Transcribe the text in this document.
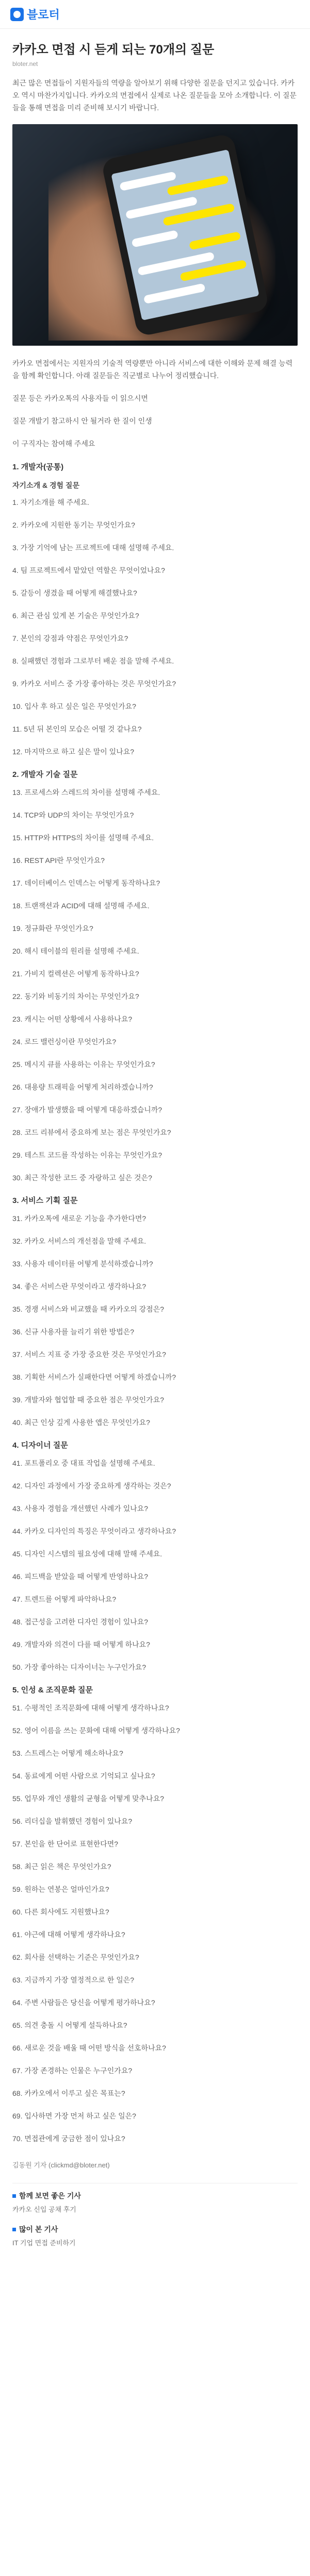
블로터
카카오 면접 시 듣게 되는 70개의 질문
bloter.net

최근 많은 면접들이 지원자들의 역량을 알아보기 위해 다양한 질문을 던지고 있습니다. 카카오 역시 마찬가지입니다. 카카오의 면접에서 실제로 나온 질문들을 모아 소개합니다. 이 질문들을 통해 면접을 미리 준비해 보시기 바랍니다.

카카오 면접에서는 지원자의 기술적 역량뿐만 아니라 서비스에 대한 이해와 문제 해결 능력을 함께 확인합니다. 아래 질문들은 직군별로 나누어 정리했습니다.

질문 등은 카카오톡의 사용자들 이 읽으시면

질문 개발기 참고하시 안 될거라 한 질이 인생

이 구직자는 참여해 주세요

1. 개발자(공통)
자기소개 & 경험 질문

1. 자기소개를 해 주세요.

2. 카카오에 지원한 동기는 무엇인가요?

3. 가장 기억에 남는 프로젝트에 대해 설명해 주세요.

4. 팀 프로젝트에서 맡았던 역할은 무엇이었나요?

5. 갈등이 생겼을 때 어떻게 해결했나요?

6. 최근 관심 있게 본 기술은 무엇인가요?

7. 본인의 강점과 약점은 무엇인가요?

8. 실패했던 경험과 그로부터 배운 점을 말해 주세요.

9. 카카오 서비스 중 가장 좋아하는 것은 무엇인가요?

10. 입사 후 하고 싶은 일은 무엇인가요?

11. 5년 뒤 본인의 모습은 어떨 것 같나요?

12. 마지막으로 하고 싶은 말이 있나요?

2. 개발자 기술 질문

13. 프로세스와 스레드의 차이를 설명해 주세요.

14. TCP와 UDP의 차이는 무엇인가요?

15. HTTP와 HTTPS의 차이를 설명해 주세요.

16. REST API란 무엇인가요?

17. 데이터베이스 인덱스는 어떻게 동작하나요?

18. 트랜잭션과 ACID에 대해 설명해 주세요.

19. 정규화란 무엇인가요?

20. 해시 테이블의 원리를 설명해 주세요.

21. 가비지 컬렉션은 어떻게 동작하나요?

22. 동기와 비동기의 차이는 무엇인가요?

23. 캐시는 어떤 상황에서 사용하나요?

24. 로드 밸런싱이란 무엇인가요?

25. 메시지 큐를 사용하는 이유는 무엇인가요?

26. 대용량 트래픽을 어떻게 처리하겠습니까?

27. 장애가 발생했을 때 어떻게 대응하겠습니까?

28. 코드 리뷰에서 중요하게 보는 점은 무엇인가요?

29. 테스트 코드를 작성하는 이유는 무엇인가요?

30. 최근 작성한 코드 중 자랑하고 싶은 것은?

3. 서비스 기획 질문

31. 카카오톡에 새로운 기능을 추가한다면?

32. 카카오 서비스의 개선점을 말해 주세요.

33. 사용자 데이터를 어떻게 분석하겠습니까?

34. 좋은 서비스란 무엇이라고 생각하나요?

35. 경쟁 서비스와 비교했을 때 카카오의 강점은?

36. 신규 사용자를 늘리기 위한 방법은?

37. 서비스 지표 중 가장 중요한 것은 무엇인가요?

38. 기획한 서비스가 실패한다면 어떻게 하겠습니까?

39. 개발자와 협업할 때 중요한 점은 무엇인가요?

40. 최근 인상 깊게 사용한 앱은 무엇인가요?

4. 디자이너 질문

41. 포트폴리오 중 대표 작업을 설명해 주세요.

42. 디자인 과정에서 가장 중요하게 생각하는 것은?

43. 사용자 경험을 개선했던 사례가 있나요?

44. 카카오 디자인의 특징은 무엇이라고 생각하나요?

45. 디자인 시스템의 필요성에 대해 말해 주세요.

46. 피드백을 받았을 때 어떻게 반영하나요?

47. 트렌드를 어떻게 파악하나요?

48. 접근성을 고려한 디자인 경험이 있나요?

49. 개발자와 의견이 다를 때 어떻게 하나요?

50. 가장 좋아하는 디자이너는 누구인가요?

5. 인성 & 조직문화 질문

51. 수평적인 조직문화에 대해 어떻게 생각하나요?

52. 영어 이름을 쓰는 문화에 대해 어떻게 생각하나요?

53. 스트레스는 어떻게 해소하나요?

54. 동료에게 어떤 사람으로 기억되고 싶나요?

55. 업무와 개인 생활의 균형을 어떻게 맞추나요?

56. 리더십을 발휘했던 경험이 있나요?

57. 본인을 한 단어로 표현한다면?

58. 최근 읽은 책은 무엇인가요?

59. 원하는 연봉은 얼마인가요?

60. 다른 회사에도 지원했나요?

61. 야근에 대해 어떻게 생각하나요?

62. 회사를 선택하는 기준은 무엇인가요?

63. 지금까지 가장 열정적으로 한 일은?

64. 주변 사람들은 당신을 어떻게 평가하나요?

65. 의견 충돌 시 어떻게 설득하나요?

66. 새로운 것을 배울 때 어떤 방식을 선호하나요?

67. 가장 존경하는 인물은 누구인가요?

68. 카카오에서 이루고 싶은 목표는?

69. 입사하면 가장 먼저 하고 싶은 일은?

70. 면접관에게 궁금한 점이 있나요?

김동원 기자 (clickmd@bloter.net)
함께 보면 좋은 기사
카카오 신입 공채 후기
많이 본 기사
IT 기업 면접 준비하기
